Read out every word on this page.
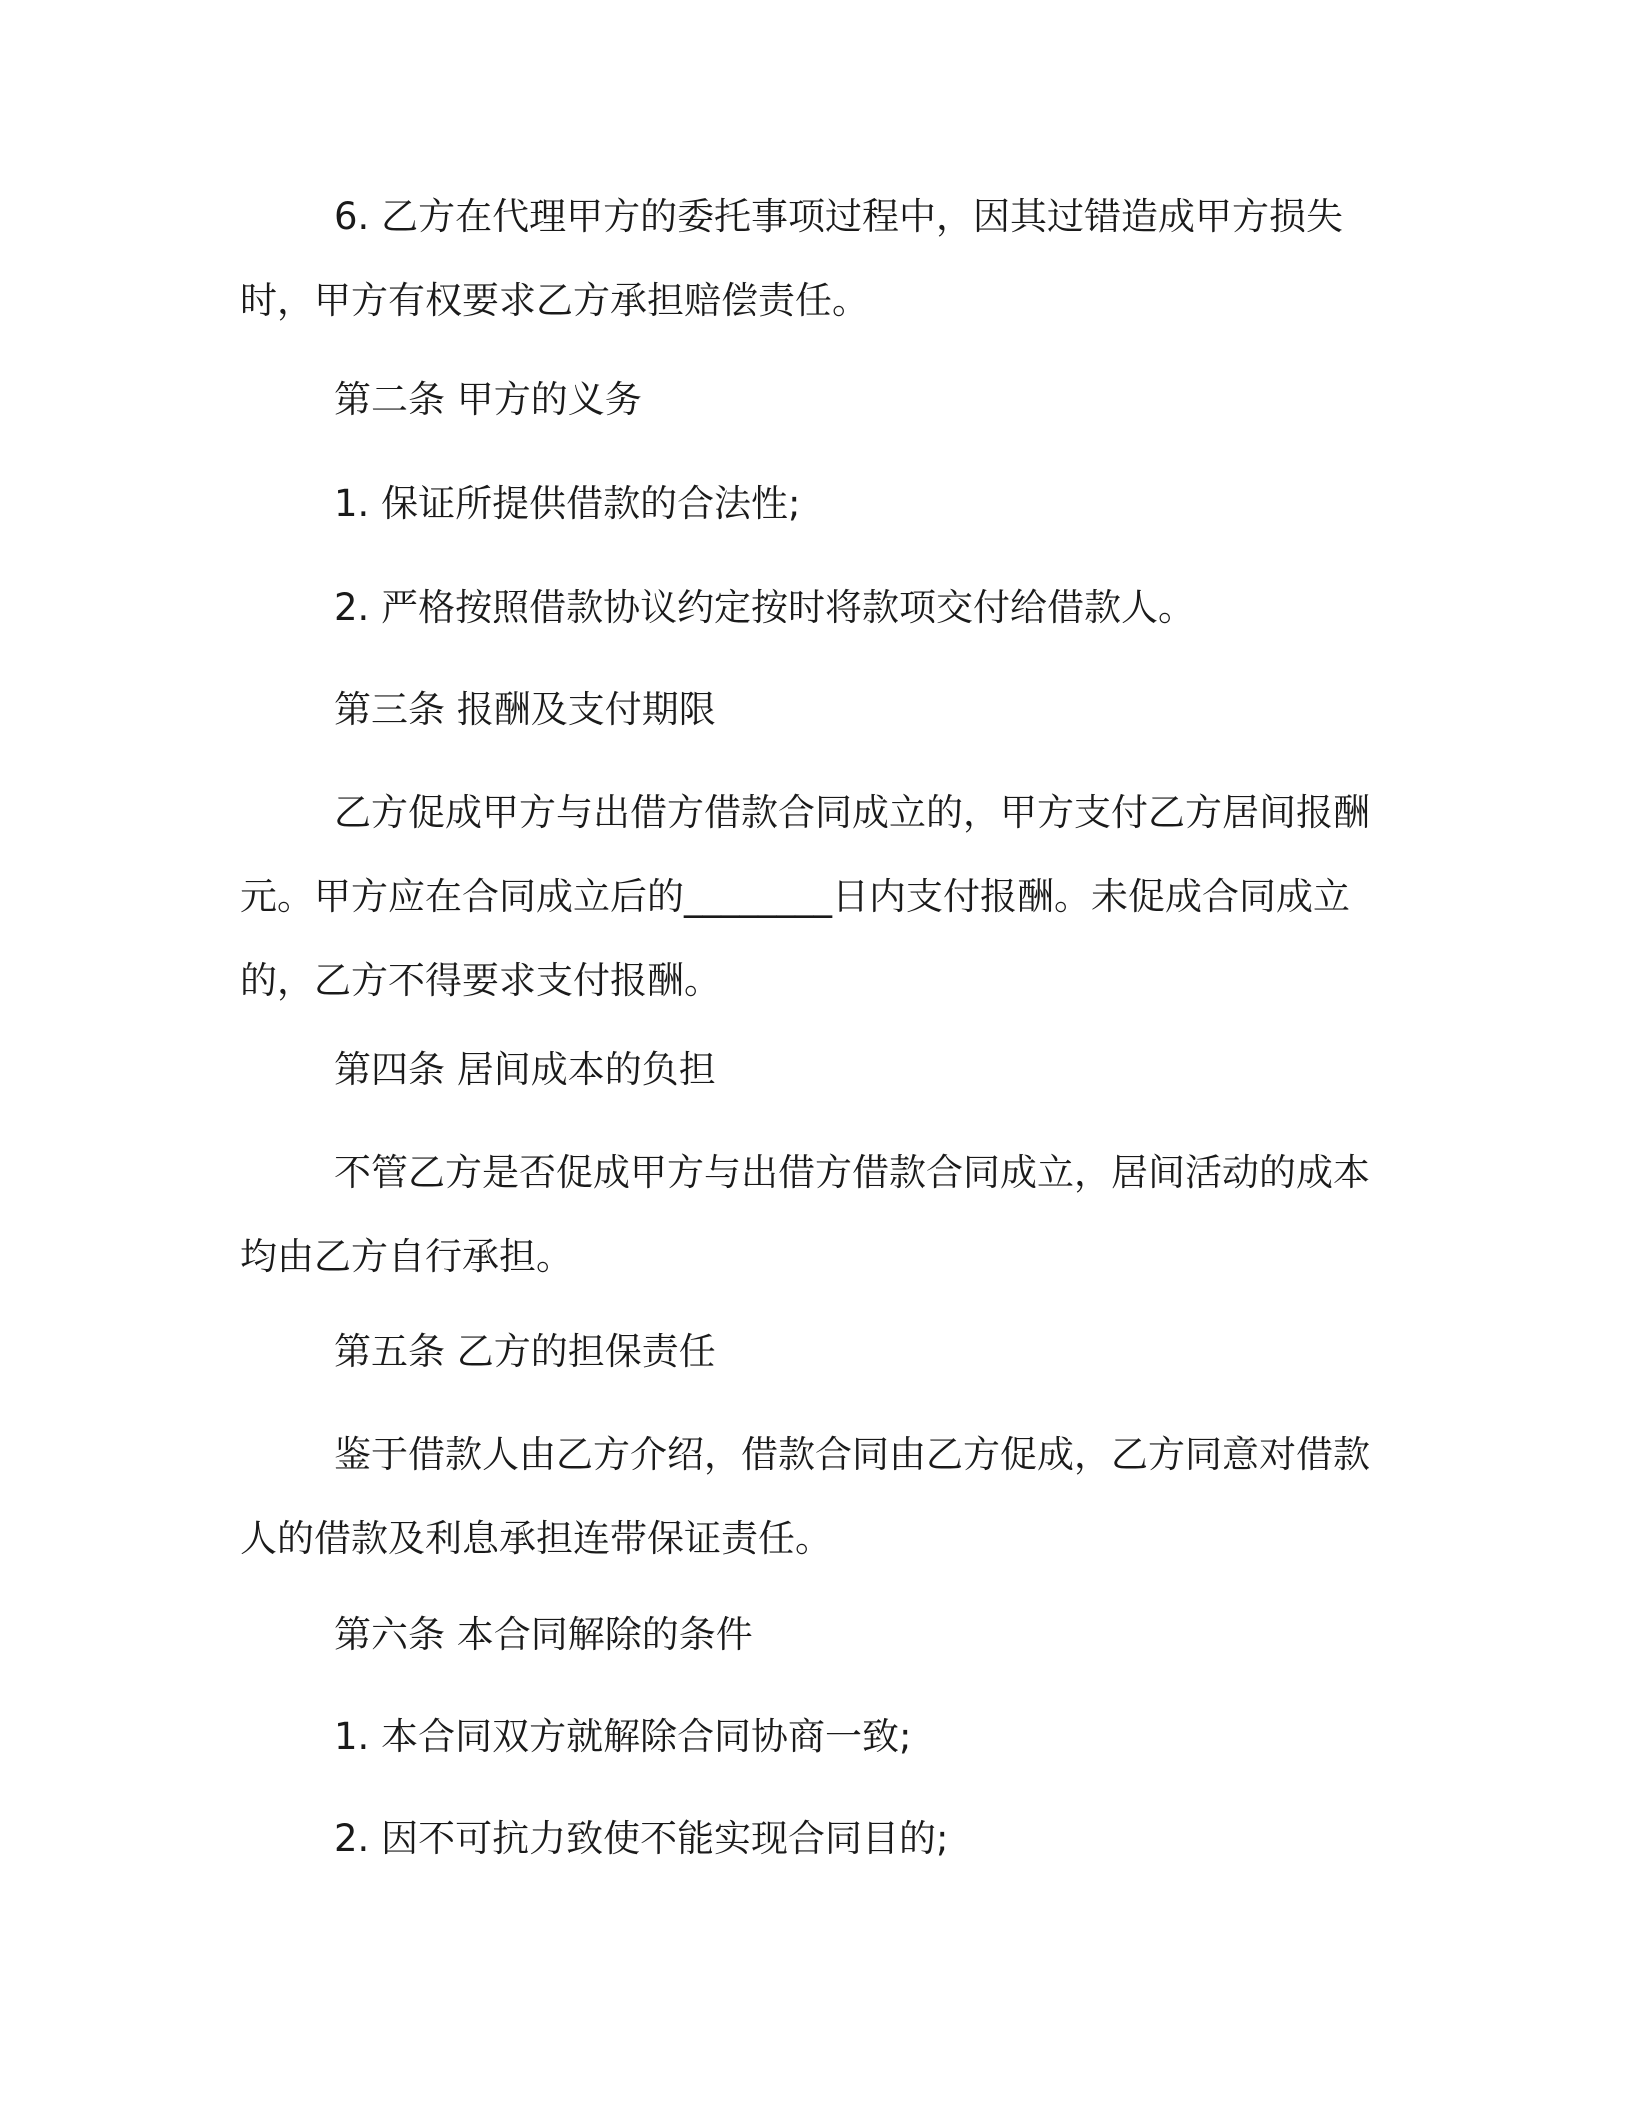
6. 乙方在代理甲方的委托事项过程中，因其过错造成甲方损失时，甲方有权要求乙方承担赔偿责任。

第二条 甲方的义务

1. 保证所提供借款的合法性;

2. 严格按照借款协议约定按时将款项交付给借款人。

第三条 报酬及支付期限

乙方促成甲方与出借方借款合同成立的，甲方支付乙方居间报酬元。甲方应在合同成立后的________日内支付报酬。未促成合同成立的，乙方不得要求支付报酬。

第四条 居间成本的负担

不管乙方是否促成甲方与出借方借款合同成立，居间活动的成本均由乙方自行承担。

第五条 乙方的担保责任

鉴于借款人由乙方介绍，借款合同由乙方促成，乙方同意对借款人的借款及利息承担连带保证责任。

第六条 本合同解除的条件

1. 本合同双方就解除合同协商一致;

2. 因不可抗力致使不能实现合同目的;
